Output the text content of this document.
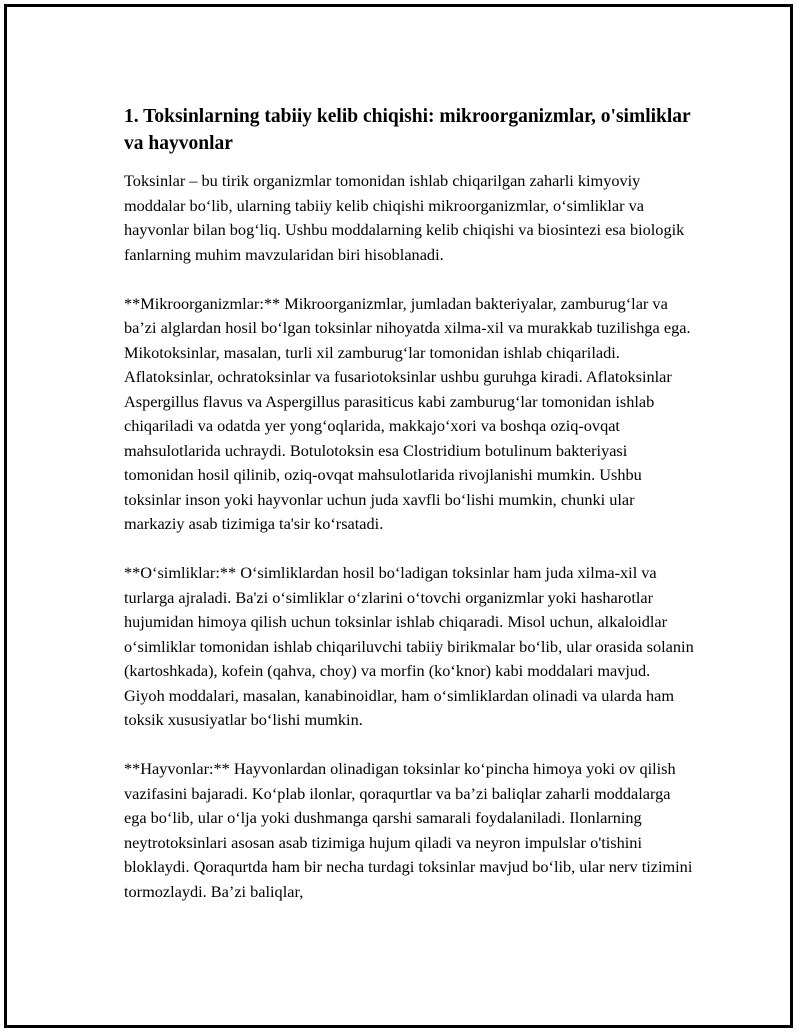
1. Toksinlarning tabiiy kelib chiqishi: mikroorganizmlar, o'simliklar va hayvonlar

Toksinlar – bu tirik organizmlar tomonidan ishlab chiqarilgan zaharli kimyoviy moddalar bo‘lib, ularning tabiiy kelib chiqishi mikroorganizmlar, o‘simliklar va hayvonlar bilan bog‘liq. Ushbu moddalarning kelib chiqishi va biosintezi esa biologik fanlarning muhim mavzularidan biri hisoblanadi.

**Mikroorganizmlar:** Mikroorganizmlar, jumladan bakteriyalar, zamburug‘lar va ba’zi alglardan hosil bo‘lgan toksinlar nihoyatda xilma-xil va murakkab tuzilishga ega. Mikotoksinlar, masalan, turli xil zamburug‘lar tomonidan ishlab chiqariladi. Aflatoksinlar, ochratoksinlar va fusariotoksinlar ushbu guruhga kiradi. Aflatoksinlar Aspergillus flavus va Aspergillus parasiticus kabi zamburug‘lar tomonidan ishlab chiqariladi va odatda yer yong‘oqlarida, makkajo‘xori va boshqa oziq-ovqat mahsulotlarida uchraydi. Botulotoksin esa Clostridium botulinum bakteriyasi tomonidan hosil qilinib, oziq-ovqat mahsulotlarida rivojlanishi mumkin. Ushbu toksinlar inson yoki hayvonlar uchun juda xavfli bo‘lishi mumkin, chunki ular markaziy asab tizimiga ta'sir ko‘rsatadi.

**O‘simliklar:** O‘simliklardan hosil bo‘ladigan toksinlar ham juda xilma-xil va turlarga ajraladi. Ba'zi o‘simliklar o‘zlarini o‘tovchi organizmlar yoki hasharotlar hujumidan himoya qilish uchun toksinlar ishlab chiqaradi. Misol uchun, alkaloidlar o‘simliklar tomonidan ishlab chiqariluvchi tabiiy birikmalar bo‘lib, ular orasida solanin (kartoshkada), kofein (qahva, choy) va morfin (ko‘knor) kabi moddalari mavjud. Giyoh moddalari, masalan, kanabinoidlar, ham o‘simliklardan olinadi va ularda ham toksik xususiyatlar bo‘lishi mumkin.

**Hayvonlar:** Hayvonlardan olinadigan toksinlar ko‘pincha himoya yoki ov qilish vazifasini bajaradi. Ko‘plab ilonlar, qoraqurtlar va ba’zi baliqlar zaharli moddalarga ega bo‘lib, ular o‘lja yoki dushmanga qarshi samarali foydalaniladi. Ilonlarning neytrotoksinlari asosan asab tizimiga hujum qiladi va neyron impulslar o'tishini bloklaydi. Qoraqurtda ham bir necha turdagi toksinlar mavjud bo‘lib, ular nerv tizimini tormozlaydi. Ba’zi baliqlar,
